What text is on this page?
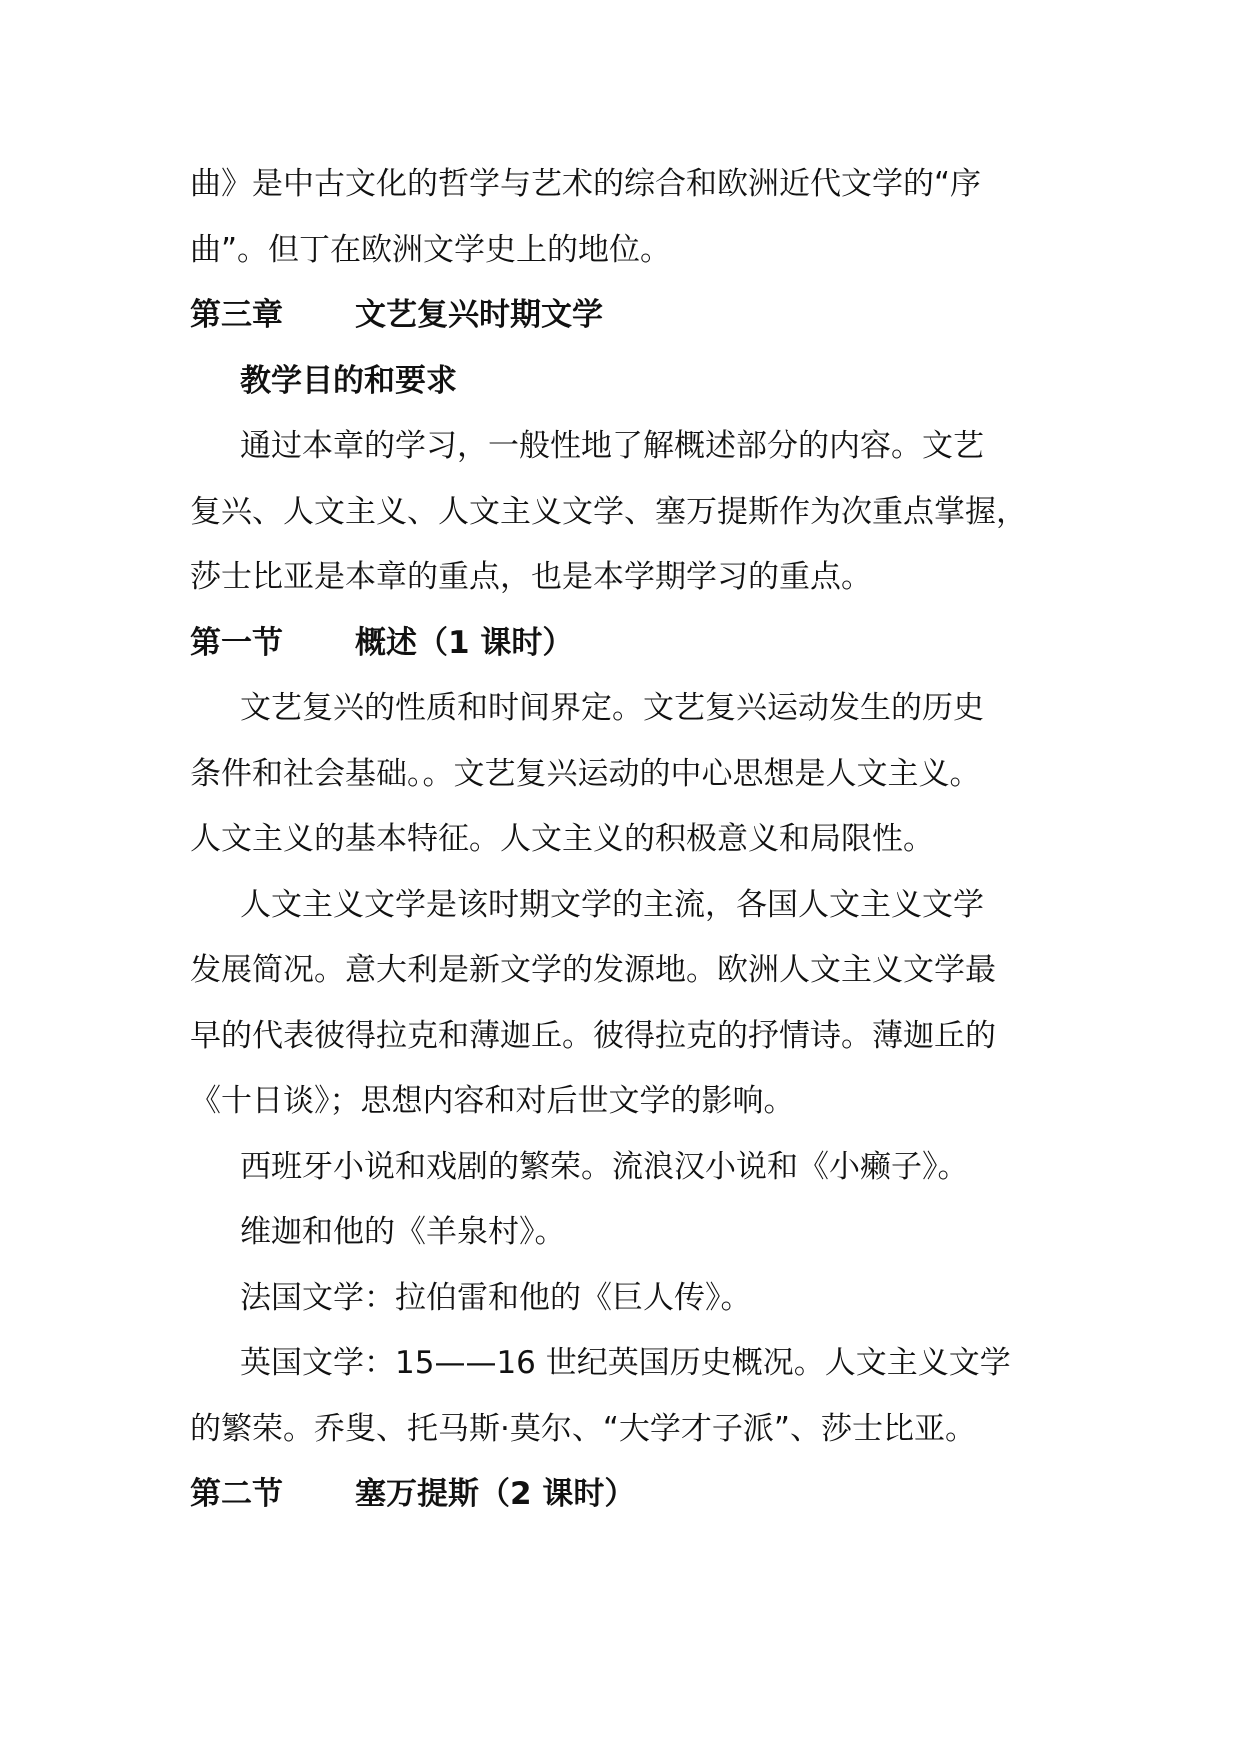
曲》是中古文化的哲学与艺术的综合和欧洲近代文学的“序
曲”。但丁在欧洲文学史上的地位。
第三章 文艺复兴时期文学
教学目的和要求
通过本章的学习，一般性地了解概述部分的内容。文艺
复兴、人文主义、人文主义文学、塞万提斯作为次重点掌握，
莎士比亚是本章的重点，也是本学期学习的重点。
第一节 概述（1 课时）
文艺复兴的性质和时间界定。文艺复兴运动发生的历史
条件和社会基础。。文艺复兴运动的中心思想是人文主义。
人文主义的基本特征。人文主义的积极意义和局限性。
人文主义文学是该时期文学的主流，各国人文主义文学
发展简况。意大利是新文学的发源地。欧洲人文主义文学最
早的代表彼得拉克和薄迦丘。彼得拉克的抒情诗。薄迦丘的
《十日谈》；思想内容和对后世文学的影响。
西班牙小说和戏剧的繁荣。流浪汉小说和《小癞子》。
维迦和他的《羊泉村》。
法国文学：拉伯雷和他的《巨人传》。
英国文学：15——16 世纪英国历史概况。人文主义文学
的繁荣。乔叟、托马斯·莫尔、“大学才子派”、莎士比亚。
第二节 塞万提斯（2 课时）
